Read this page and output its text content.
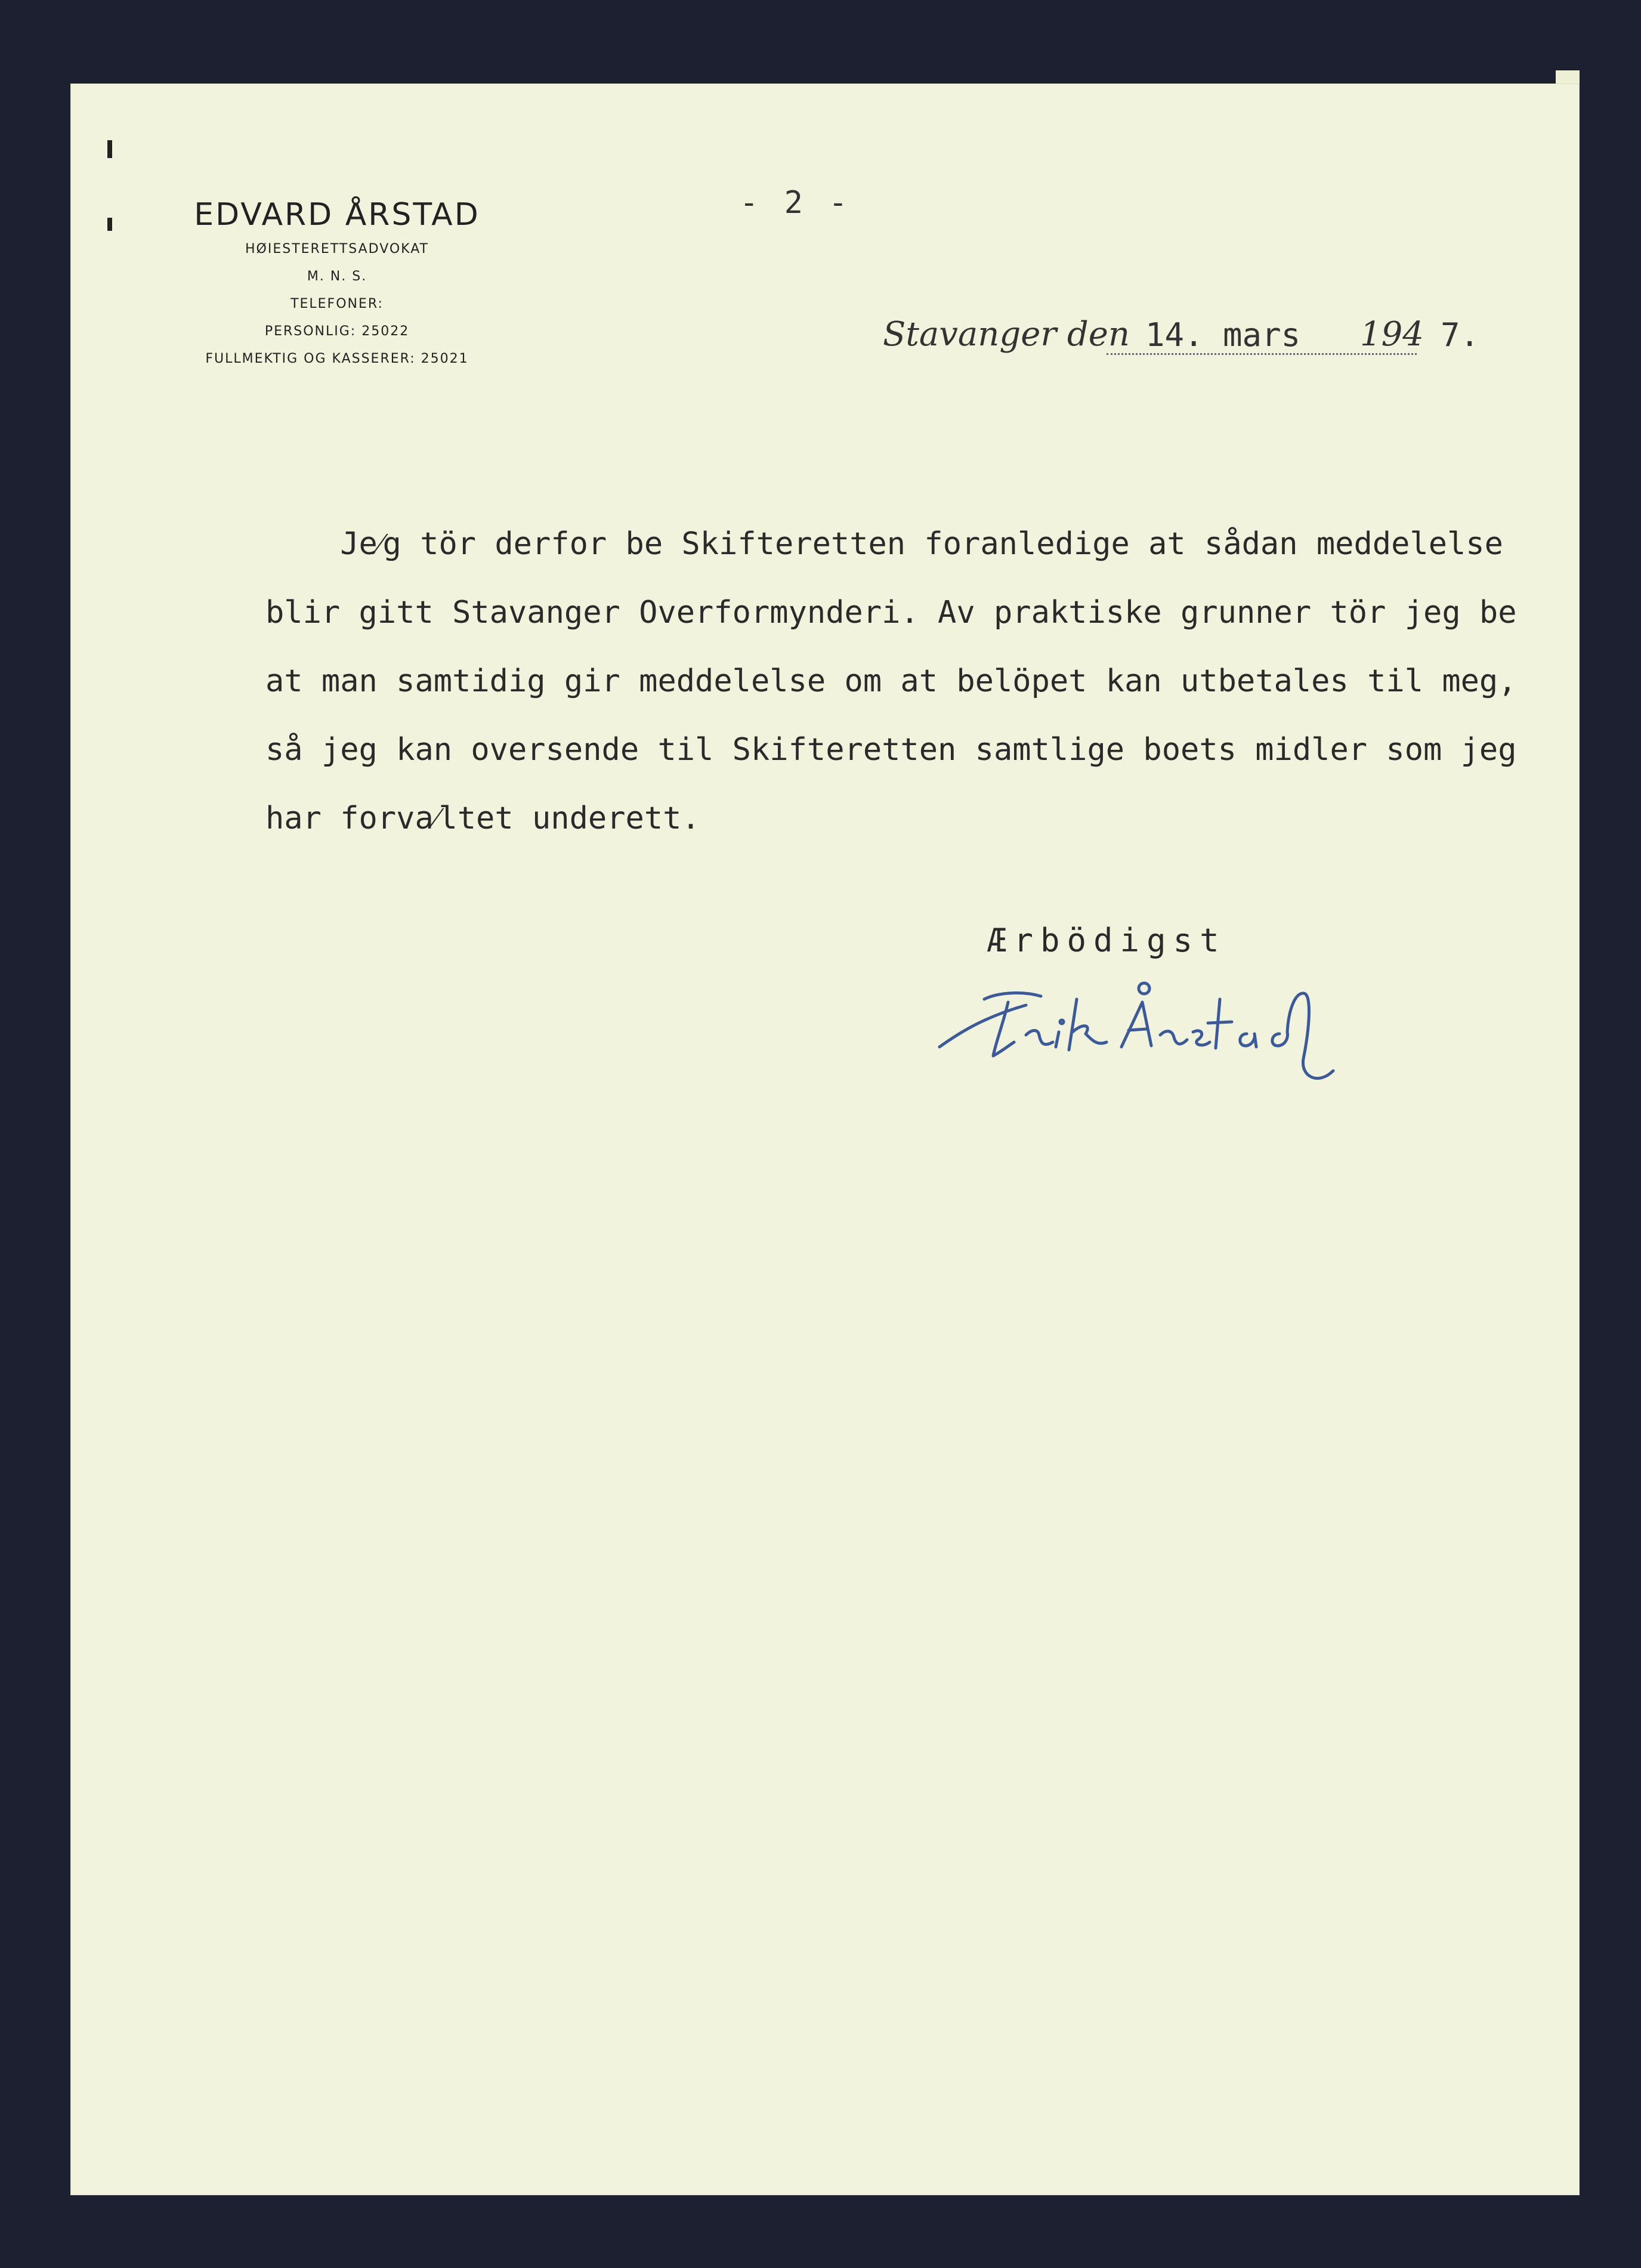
EDVARD ÅRSTAD
HØIESTERETTSADVOKAT
M. N. S.
TELEFONER:
PERSONLIG: 25022
FULLMEKTIG OG KASSERER: 25021
- 2 -
Stavanger den 14. mars 194 7.
Je⁄g tör derfor be Skifteretten foranledige at sådan meddelelse
blir gitt Stavanger Overformynderi. Av praktiske grunner tör jeg be
at man samtidig gir meddelelse om at belöpet kan utbetales til meg,
så jeg kan oversende til Skifteretten samtlige boets midler som jeg
har forva⁄ltet underett.
Ærbödigst
